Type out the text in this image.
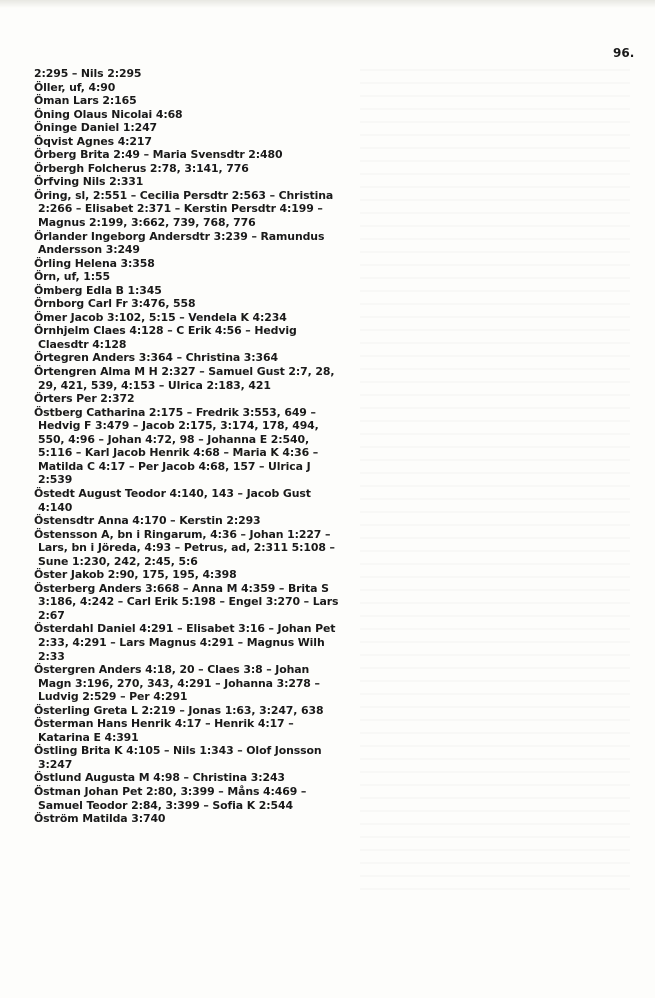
96.

2:295 – Nils 2:295
Öller, uf, 4:90
Öman Lars 2:165
Öning Olaus Nicolai 4:68
Öninge Daniel 1:247
Öqvist Agnes 4:217
Örberg Brita 2:49 – Maria Svensdtr 2:480
Örbergh Folcherus 2:78, 3:141, 776
Örfving Nils 2:331
Öring, sl, 2:551 – Cecilia Persdtr 2:563 – Christina 2:266 – Elisabet 2:371 – Kerstin Persdtr 4:199 – Magnus 2:199, 3:662, 739, 768, 776
Örlander Ingeborg Andersdtr 3:239 – Ramundus Andersson 3:249
Örling Helena 3:358
Örn, uf, 1:55
Ömberg Edla B 1:345
Örnborg Carl Fr 3:476, 558
Ömer Jacob 3:102, 5:15 – Vendela K 4:234
Örnhjelm Claes 4:128 – C Erik 4:56 – Hedvig Claesdtr 4:128
Örtegren Anders 3:364 – Christina 3:364
Örtengren Alma M H 2:327 – Samuel Gust 2:7, 28, 29, 421, 539, 4:153 – Ulrica 2:183, 421
Örters Per 2:372
Östberg Catharina 2:175 – Fredrik 3:553, 649 – Hedvig F 3:479 – Jacob 2:175, 3:174, 178, 494, 550, 4:96 – Johan 4:72, 98 – Johanna E 2:540, 5:116 – Karl Jacob Henrik 4:68 – Maria K 4:36 – Matilda C 4:17 – Per Jacob 4:68, 157 – Ulrica J 2:539
Östedt August Teodor 4:140, 143 – Jacob Gust 4:140
Östensdtr Anna 4:170 – Kerstin 2:293
Östensson A, bn i Ringarum, 4:36 – Johan 1:227 – Lars, bn i Jöreda, 4:93 – Petrus, ad, 2:311 5:108 – Sune 1:230, 242, 2:45, 5:6
Öster Jakob 2:90, 175, 195, 4:398
Österberg Anders 3:668 – Anna M 4:359 – Brita S 3:186, 4:242 – Carl Erik 5:198 – Engel 3:270 – Lars 2:67
Österdahl Daniel 4:291 – Elisabet 3:16 – Johan Pet 2:33, 4:291 – Lars Magnus 4:291 – Magnus Wilh 2:33
Östergren Anders 4:18, 20 – Claes 3:8 – Johan Magn 3:196, 270, 343, 4:291 – Johanna 3:278 – Ludvig 2:529 – Per 4:291
Österling Greta L 2:219 – Jonas 1:63, 3:247, 638
Österman Hans Henrik 4:17 – Henrik 4:17 – Katarina E 4:391
Östling Brita K 4:105 – Nils 1:343 – Olof Jonsson 3:247
Östlund Augusta M 4:98 – Christina 3:243
Östman Johan Pet 2:80, 3:399 – Måns 4:469 – Samuel Teodor 2:84, 3:399 – Sofia K 2:544
Öström Matilda 3:740
